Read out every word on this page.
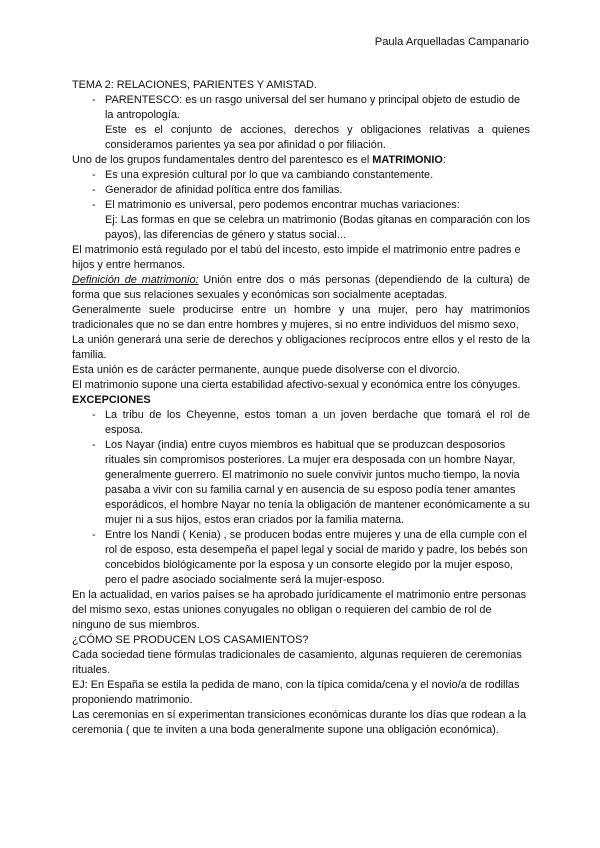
Paula Arquelladas Campanario

TEMA 2: RELACIONES, PARIENTES Y AMISTAD.

- PARENTESCO: es un rasgo universal del ser humano y principal objeto de estudio de la antropología.
Este es el conjunto de acciones, derechos y obligaciones relativas a quienes consideramos parientes ya sea por afinidad o por filiación.

Uno de los grupos fundamentales dentro del parentesco es el MATRIMONIO:

- Es una expresión cultural por lo que va cambiando constantemente.
- Generador de afinidad política entre dos familias.
- El matrimonio es universal, pero podemos encontrar muchas variaciones:
Ej: Las formas en que se celebra un matrimonio (Bodas gitanas en comparación con los payos), las diferencias de género y status social...

El matrimonio está regulado por el tabú del incesto, esto impide el matrimonio entre padres e hijos y entre hermanos.

Definición de matrimonio: Unión entre dos o más personas (dependiendo de la cultura) de forma que sus relaciones sexuales y económicas son socialmente aceptadas.

Generalmente suele producirse entre un hombre y una mujer, pero hay matrimonios tradicionales que no se dan entre hombres y mujeres, si no entre individuos del mismo sexo,

La unión generará una serie de derechos y obligaciones recíprocos entre ellos y el resto de la familia.

Esta unión es de carácter permanente, aunque puede disolverse con el divorcio.

El matrimonio supone una cierta estabilidad afectivo-sexual y económica entre los cónyuges.

EXCEPCIONES

- La tribu de los Cheyenne, estos toman a un joven berdache que tomará el rol de esposa.
- Los Nayar (india) entre cuyos miembros es habitual que se produzcan desposorios rituales sin compromisos posteriores. La mujer era desposada con un hombre Nayar, generalmente guerrero. El matrimonio no suele convivir juntos mucho tiempo, la novia pasaba a vivir con su familia carnal y en ausencia de su esposo podía tener amantes esporádicos, el hombre Nayar no tenía la obligación de mantener económicamente a su mujer ni a sus hijos, estos eran criados por la familia materna.
- Entre los Nandi ( Kenia) , se producen bodas entre mujeres y una de ella cumple con el rol de esposo, esta desempeña el papel legal y social de marido y padre, los bebés son concebidos biológicamente por la esposa y un consorte elegido por la mujer esposo, pero el padre asociado socialmente será la mujer-esposo.

En la actualidad, en varios países se ha aprobado jurídicamente el matrimonio entre personas del mismo sexo, estas uniones conyugales no obligan o requieren del cambio de rol de ninguno de sus miembros.

¿CÓMO SE PRODUCEN LOS CASAMIENTOS?

Cada sociedad tiene fórmulas tradicionales de casamiento, algunas requieren de ceremonias rituales.

EJ: En España se estila la pedida de mano, con la típica comida/cena y el novio/a de rodillas proponiendo matrimonio.

Las ceremonias en sí experimentan transiciones económicas durante los días que rodean a la ceremonia ( que te inviten a una boda generalmente supone una obligación económica).
